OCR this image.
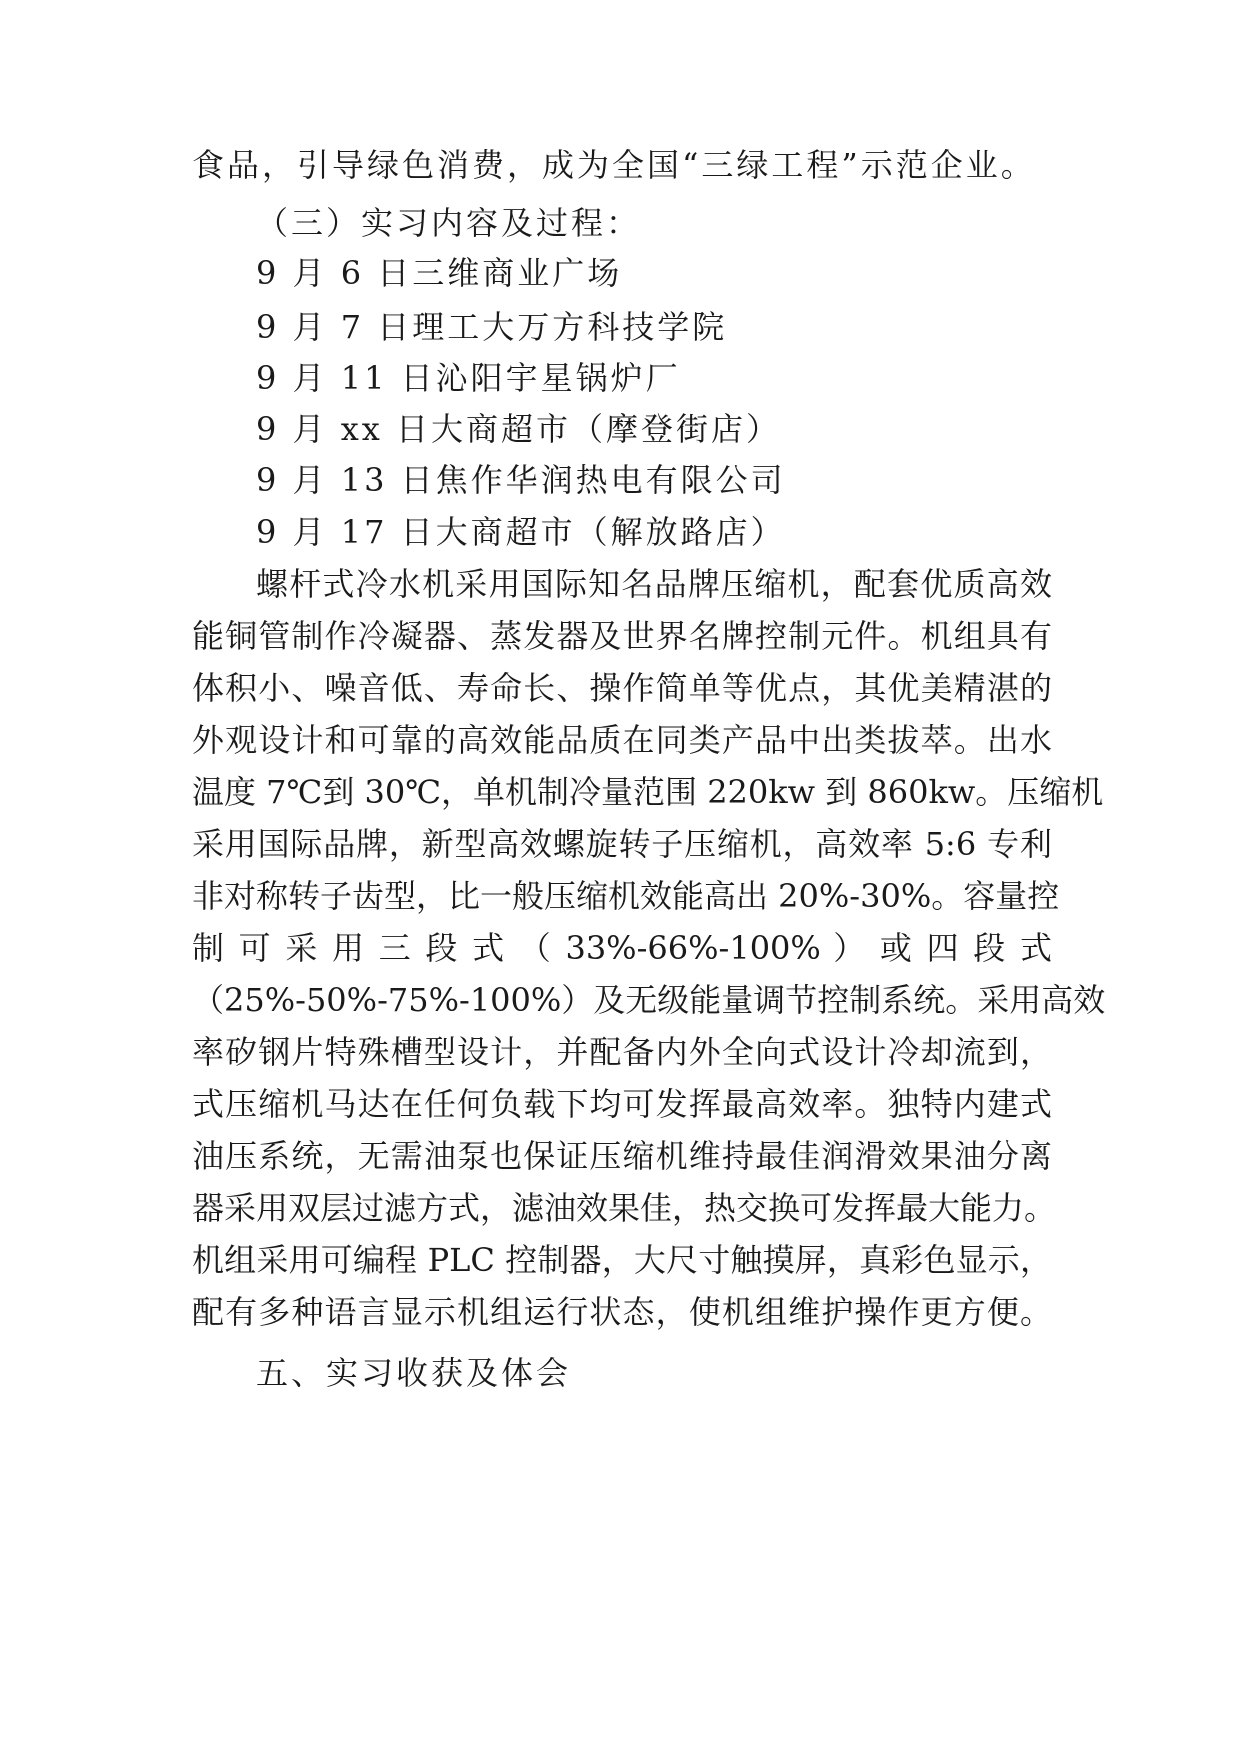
食品，引导绿色消费，成为全国“三绿工程”示范企业。
（三）实习内容及过程：
9 月 6 日三维商业广场
9 月 7 日理工大万方科技学院
9 月 11 日沁阳宇星锅炉厂
9 月 xx 日大商超市（摩登街店）
9 月 13 日焦作华润热电有限公司
9 月 17 日大商超市（解放路店）
螺杆式冷水机采用国际知名品牌压缩机，配套优质高效
能铜管制作冷凝器、蒸发器及世界名牌控制元件。机组具有
体积小、噪音低、寿命长、操作简单等优点，其优美精湛的
外观设计和可靠的高效能品质在同类产品中出类拔萃。出水
温度 7℃到 30℃，单机制冷量范围 220kw 到 860kw。压缩机
采用国际品牌，新型高效螺旋转子压缩机，高效率 5:6 专利
非对称转子齿型，比一般压缩机效能高出 20%-30%。容量控
制 可 采 用 三 段 式 （ 33%-66%-100% ） 或 四 段 式
（25%-50%-75%-100%）及无级能量调节控制系统。采用高效
率矽钢片特殊槽型设计，并配备内外全向式设计冷却流到，
式压缩机马达在任何负载下均可发挥最高效率。独特内建式
油压系统，无需油泵也保证压缩机维持最佳润滑效果油分离
器采用双层过滤方式，滤油效果佳，热交换可发挥最大能力。
机组采用可编程 PLC 控制器，大尺寸触摸屏，真彩色显示，
配有多种语言显示机组运行状态，使机组维护操作更方便。
五、实习收获及体会
